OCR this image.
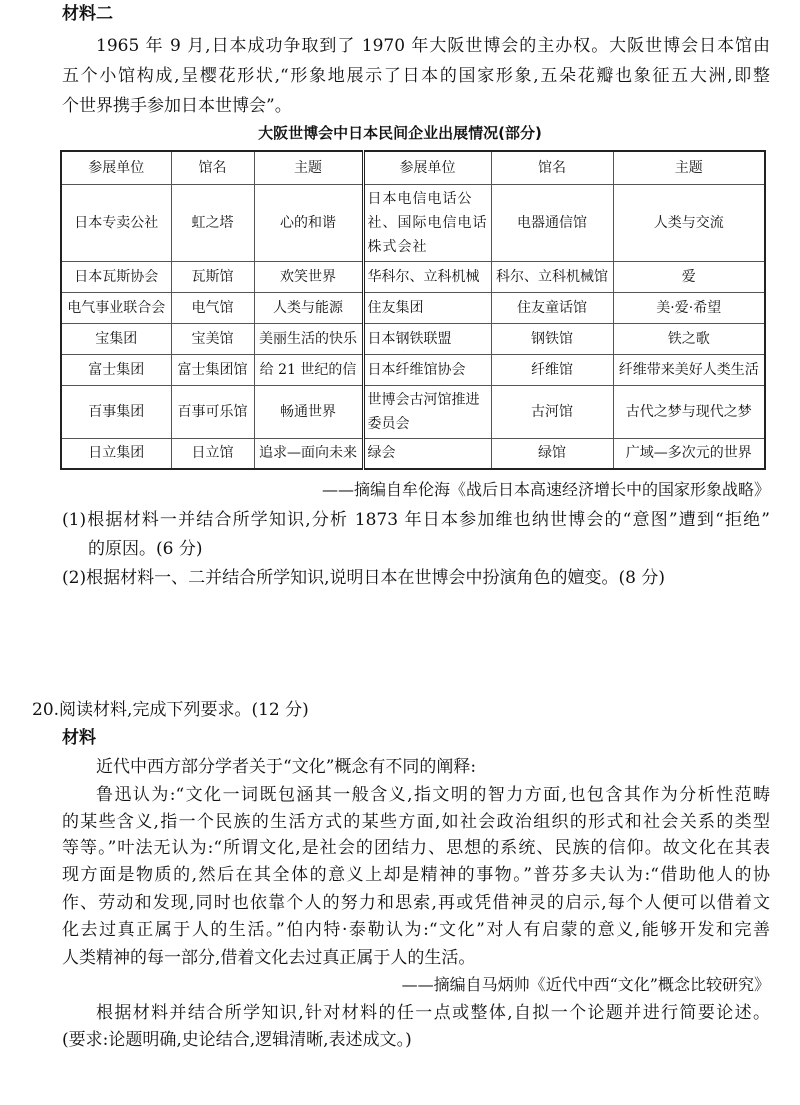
材料二
1965 年 9 月,日本成功争取到了 1970 年大阪世博会的主办权。大阪世博会日本馆由
五个小馆构成,呈樱花形状,“形象地展示了日本的国家形象,五朵花瓣也象征五大洲,即整
个世界携手参加日本世博会”。
大阪世博会中日本民间企业出展情况(部分)
参展单位	馆名	主题	参展单位	馆名	主题
日本专卖公社	虹之塔	心的和谐	日本电信电话公社、国际电信电话株式会社	电器通信馆	人类与交流
日本瓦斯协会	瓦斯馆	欢笑世界	华科尔、立科机械	科尔、立科机械馆	爱
电气事业联合会	电气馆	人类与能源	住友集团	住友童话馆	美·爱·希望
宝集团	宝美馆	美丽生活的快乐	日本钢铁联盟	钢铁馆	铁之歌
富士集团	富士集团馆	给 21 世纪的信	日本纤维馆协会	纤维馆	纤维带来美好人类生活
百事集团	百事可乐馆	畅通世界	世博会古河馆推进委员会	古河馆	古代之梦与现代之梦
日立集团	日立馆	追求—面向未来	绿会	绿馆	广域—多次元的世界
——摘编自牟伦海《战后日本高速经济增长中的国家形象战略》
(1)根据材料一并结合所学知识,分析 1873 年日本参加维也纳世博会的“意图”遭到“拒绝”
的原因。(6 分)
(2)根据材料一、二并结合所学知识,说明日本在世博会中扮演角色的嬗变。(8 分)
20.阅读材料,完成下列要求。(12 分)
材料
近代中西方部分学者关于“文化”概念有不同的阐释:
鲁迅认为:“文化一词既包涵其一般含义,指文明的智力方面,也包含其作为分析性范畴
的某些含义,指一个民族的生活方式的某些方面,如社会政治组织的形式和社会关系的类型
等等。”叶法无认为:“所谓文化,是社会的团结力、思想的系统、民族的信仰。故文化在其表
现方面是物质的,然后在其全体的意义上却是精神的事物。”普芬多夫认为:“借助他人的协
作、劳动和发现,同时也依靠个人的努力和思索,再或凭借神灵的启示,每个人便可以借着文
化去过真正属于人的生活。”伯内特·泰勒认为:“文化”对人有启蒙的意义,能够开发和完善
人类精神的每一部分,借着文化去过真正属于人的生活。
——摘编自马炳帅《近代中西“文化”概念比较研究》
根据材料并结合所学知识,针对材料的任一点或整体,自拟一个论题并进行简要论述。
(要求:论题明确,史论结合,逻辑清晰,表述成文。)
